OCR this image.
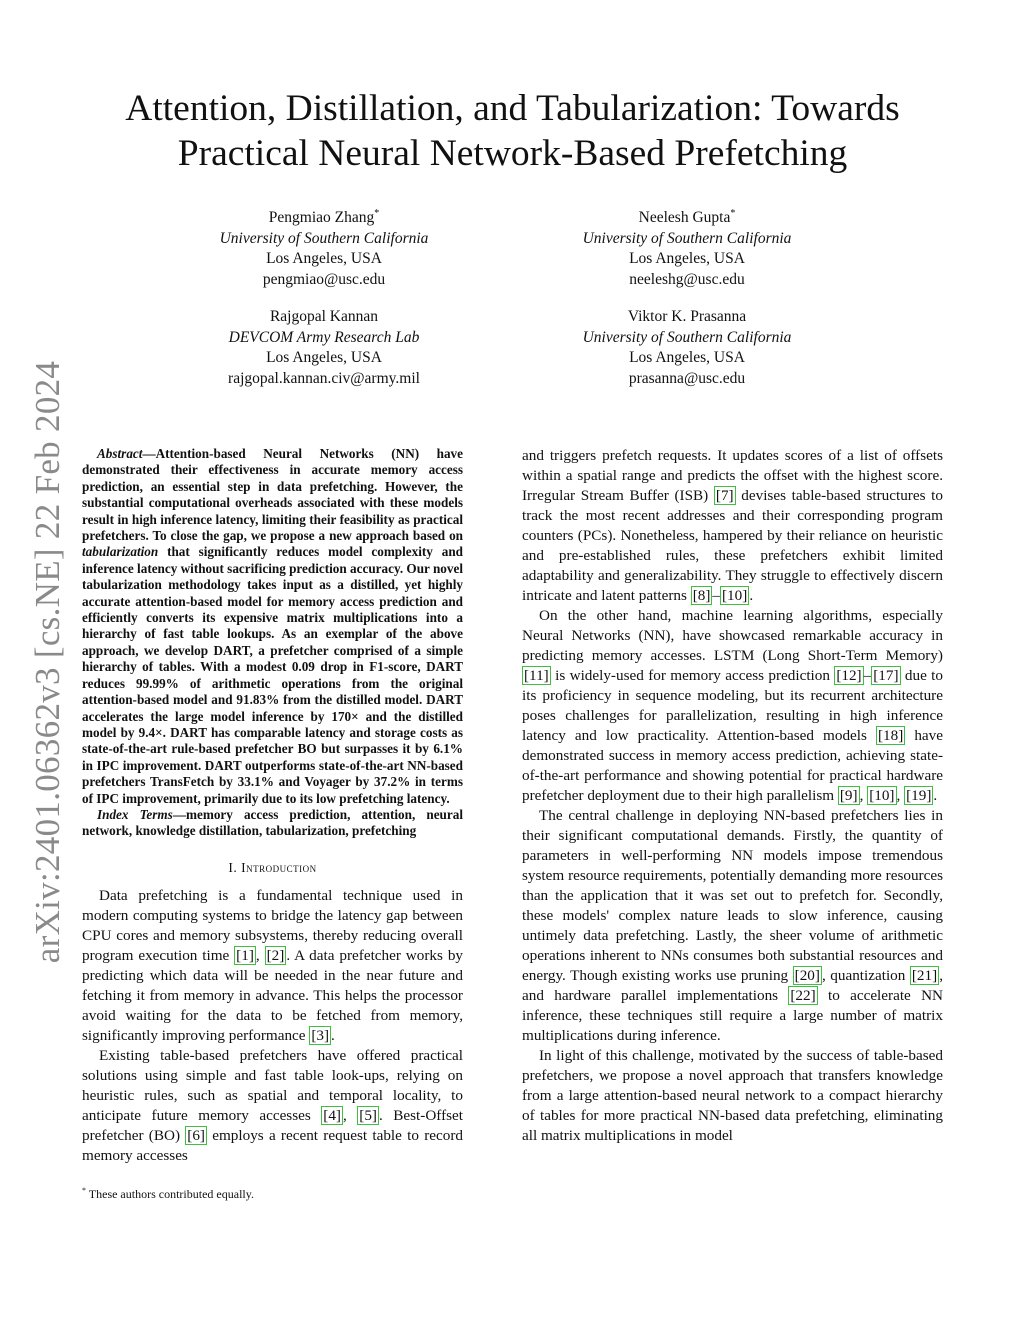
arXiv:2401.06362v3 [cs.NE] 22 Feb 2024
Attention, Distillation, and Tabularization: Towards
Practical Neural Network-Based Prefetching
Pengmiao Zhang*
University of Southern California
Los Angeles, USA
pengmiao@usc.edu
Neelesh Gupta*
University of Southern California
Los Angeles, USA
neeleshg@usc.edu
Rajgopal Kannan
DEVCOM Army Research Lab
Los Angeles, USA
rajgopal.kannan.civ@army.mil
Viktor K. Prasanna
University of Southern California
Los Angeles, USA
prasanna@usc.edu

Abstract—Attention-based Neural Networks (NN) have demonstrated their effectiveness in accurate memory access prediction, an essential step in data prefetching. However, the substantial computational overheads associated with these models result in high inference latency, limiting their feasibility as practical prefetchers. To close the gap, we propose a new approach based on tabularization that significantly reduces model complexity and inference latency without sacrificing prediction accuracy. Our novel tabularization methodology takes input as a distilled, yet highly accurate attention-based model for memory access prediction and efficiently converts its expensive matrix multiplications into a hierarchy of fast table lookups. As an exemplar of the above approach, we develop DART, a prefetcher comprised of a simple hierarchy of tables. With a modest 0.09 drop in F1-score, DART reduces 99.99% of arithmetic operations from the original attention-based model and 91.83% from the distilled model. DART accelerates the large model inference by 170× and the distilled model by 9.4×. DART has comparable latency and storage costs as state-of-the-art rule-based prefetcher BO but surpasses it by 6.1% in IPC improvement. DART outperforms state-of-the-art NN-based prefetchers TransFetch by 33.1% and Voyager by 37.2% in terms of IPC improvement, primarily due to its low prefetching latency.

Index Terms—memory access prediction, attention, neural network, knowledge distillation, tabularization, prefetching

I. Introduction

Data prefetching is a fundamental technique used in modern computing systems to bridge the latency gap between CPU cores and memory subsystems, thereby reducing overall program execution time [1] , [2] . A data prefetcher works by predicting which data will be needed in the near future and fetching it from memory in advance. This helps the processor avoid waiting for the data to be fetched from memory, significantly improving performance [3] .

Existing table-based prefetchers have offered practical solutions using simple and fast table look-ups, relying on heuristic rules, such as spatial and temporal locality, to anticipate future memory accesses [4] , [5] . Best-Offset prefetcher (BO) [6] employs a recent request table to record memory accesses

* These authors contributed equally.

and triggers prefetch requests. It updates scores of a list of offsets within a spatial range and predicts the offset with the highest score. Irregular Stream Buffer (ISB) [7] devises table-based structures to track the most recent addresses and their corresponding program counters (PCs). Nonetheless, hampered by their reliance on heuristic and pre-established rules, these prefetchers exhibit limited adaptability and generalizability. They struggle to effectively discern intricate and latent patterns [8] – [10] .

On the other hand, machine learning algorithms, especially Neural Networks (NN), have showcased remarkable accuracy in predicting memory accesses. LSTM (Long Short-Term Memory) [11] is widely-used for memory access prediction [12] – [17] due to its proficiency in sequence modeling, but its recurrent architecture poses challenges for parallelization, resulting in high inference latency and low practicality. Attention-based models [18] have demonstrated success in memory access prediction, achieving state-of-the-art performance and showing potential for practical hardware prefetcher deployment due to their high parallelism [9] , [10] , [19] .

The central challenge in deploying NN-based prefetchers lies in their significant computational demands. Firstly, the quantity of parameters in well-performing NN models impose tremendous system resource requirements, potentially demanding more resources than the application that it was set out to prefetch for. Secondly, these models' complex nature leads to slow inference, causing untimely data prefetching. Lastly, the sheer volume of arithmetic operations inherent to NNs consumes both substantial resources and energy. Though existing works use pruning [20] , quantization [21] , and hardware parallel implementations [22] to accelerate NN inference, these techniques still require a large number of matrix multiplications during inference.

In light of this challenge, motivated by the success of table-based prefetchers, we propose a novel approach that transfers knowledge from a large attention-based neural network to a compact hierarchy of tables for more practical NN-based data prefetching, eliminating all matrix multiplications in model
